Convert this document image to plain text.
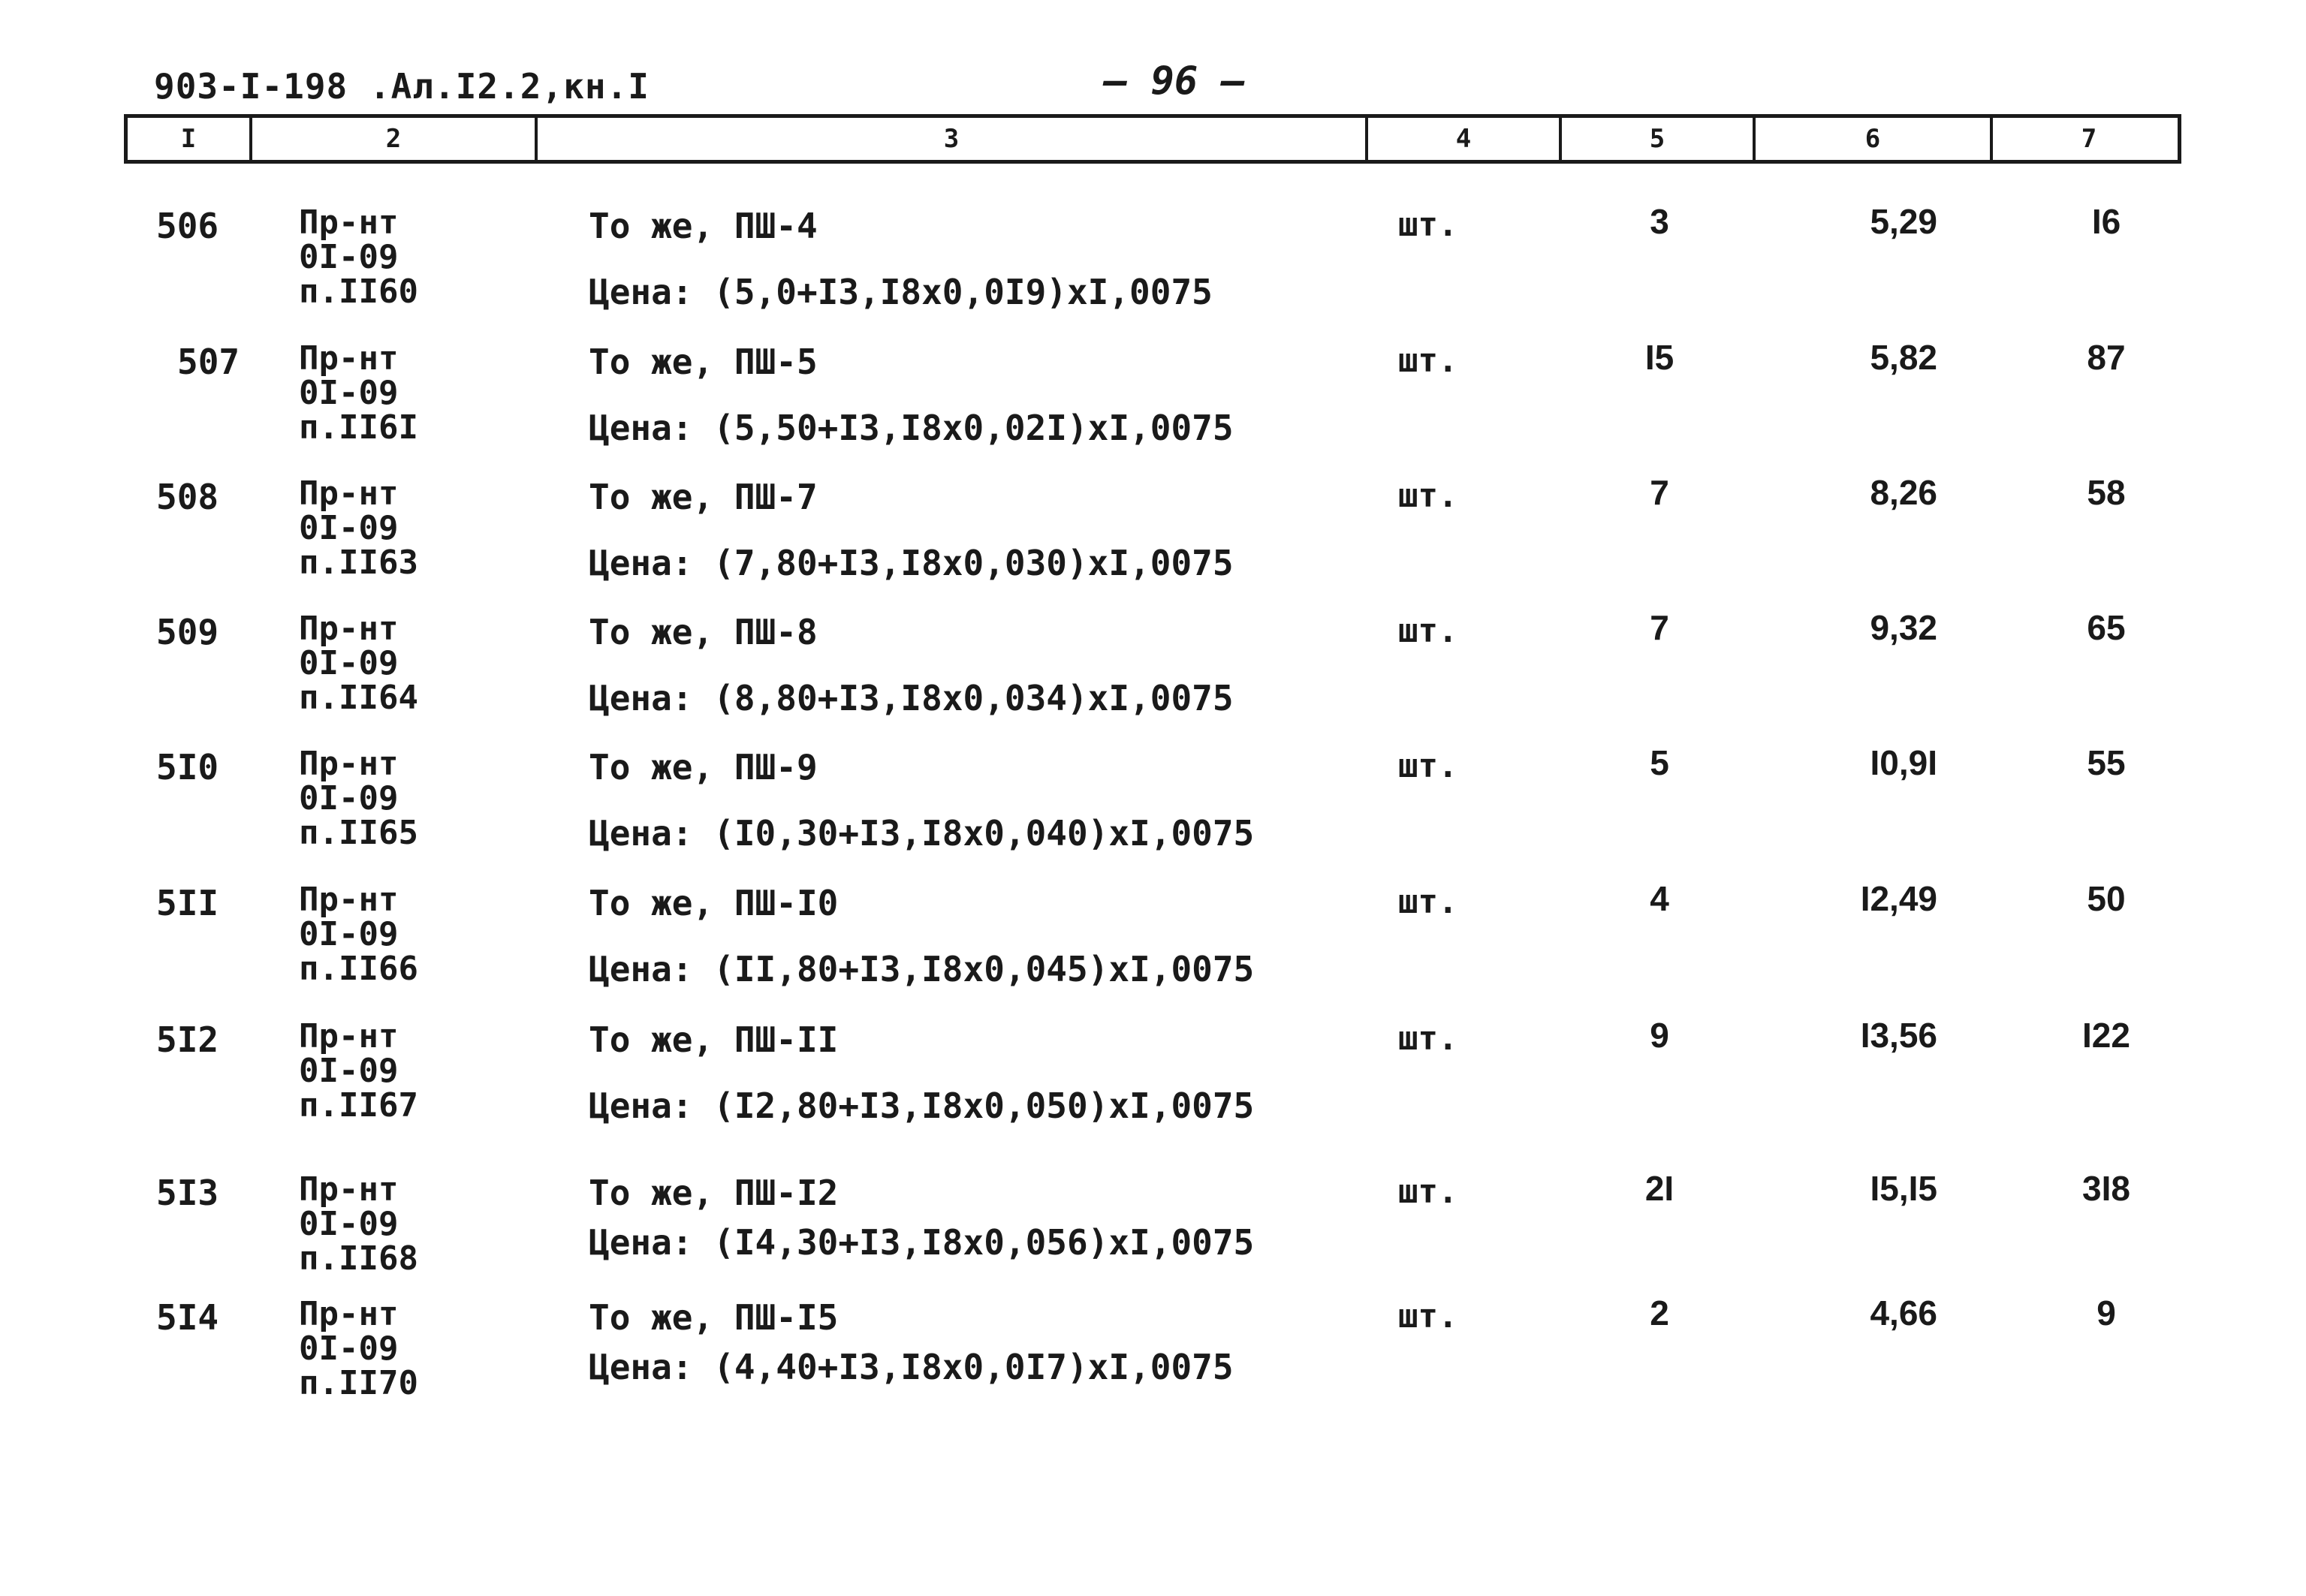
903-I-198 .Ал.I2.2,кн.I	— 96 —
I	2	3	4	5	6	7
506 Пр-нт
0I-09
п.II60
То же, ПШ-4
Цена: (5,0+I3,I8x0,0I9)xI,0075
шт.	3	5,29	I6
507 Пр-нт
0I-09
п.II6I
То же, ПШ-5
Цена: (5,50+I3,I8x0,02I)xI,0075
шт.	I5	5,82	87
508 Пр-нт
0I-09
п.II63
То же, ПШ-7
Цена: (7,80+I3,I8x0,030)xI,0075
шт.	7	8,26	58
509 Пр-нт
0I-09
п.II64
То же, ПШ-8
Цена: (8,80+I3,I8x0,034)xI,0075
шт.	7	9,32	65
5I0 Пр-нт
0I-09
п.II65
То же, ПШ-9
Цена: (I0,30+I3,I8x0,040)xI,0075
шт.	5	I0,9I	55
5II Пр-нт
0I-09
п.II66
То же, ПШ-I0
Цена: (II,80+I3,I8x0,045)xI,0075
шт.	4	I2,49	50
5I2 Пр-нт
0I-09
п.II67
То же, ПШ-II
Цена: (I2,80+I3,I8x0,050)xI,0075
шт.	9	I3,56	I22
5I3 Пр-нт
0I-09
п.II68
То же, ПШ-I2
Цена: (I4,30+I3,I8x0,056)xI,0075
шт.	2I	I5,I5	3I8
5I4 Пр-нт
0I-09
п.II70
То же, ПШ-I5
Цена: (4,40+I3,I8x0,0I7)xI,0075
шт.	2	4,66	9
